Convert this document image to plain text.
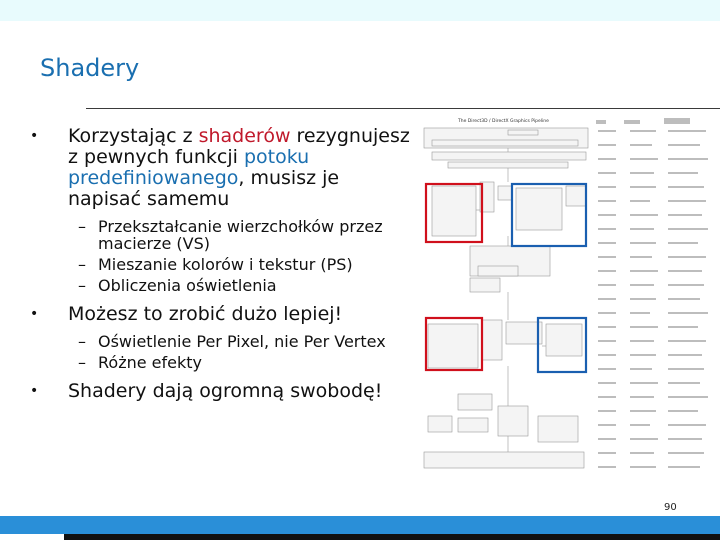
Shadery

• Korzystając z shaderów rezygnujesz z pewnych funkcji potoku predefiniowanego, musisz je napisać samemu

– Przekształcanie wierzchołków przez macierze (VS)

– Mieszanie kolorów i tekstur (PS)

– Obliczenia oświetlenia

• Możesz to zrobić dużo lepiej!

– Oświetlenie Per Pixel, nie Per Vertex

– Różne efekty

• Shadery dają ogromną swobodę!

The Direct3D / DirectX Graphics Pipeline
90
